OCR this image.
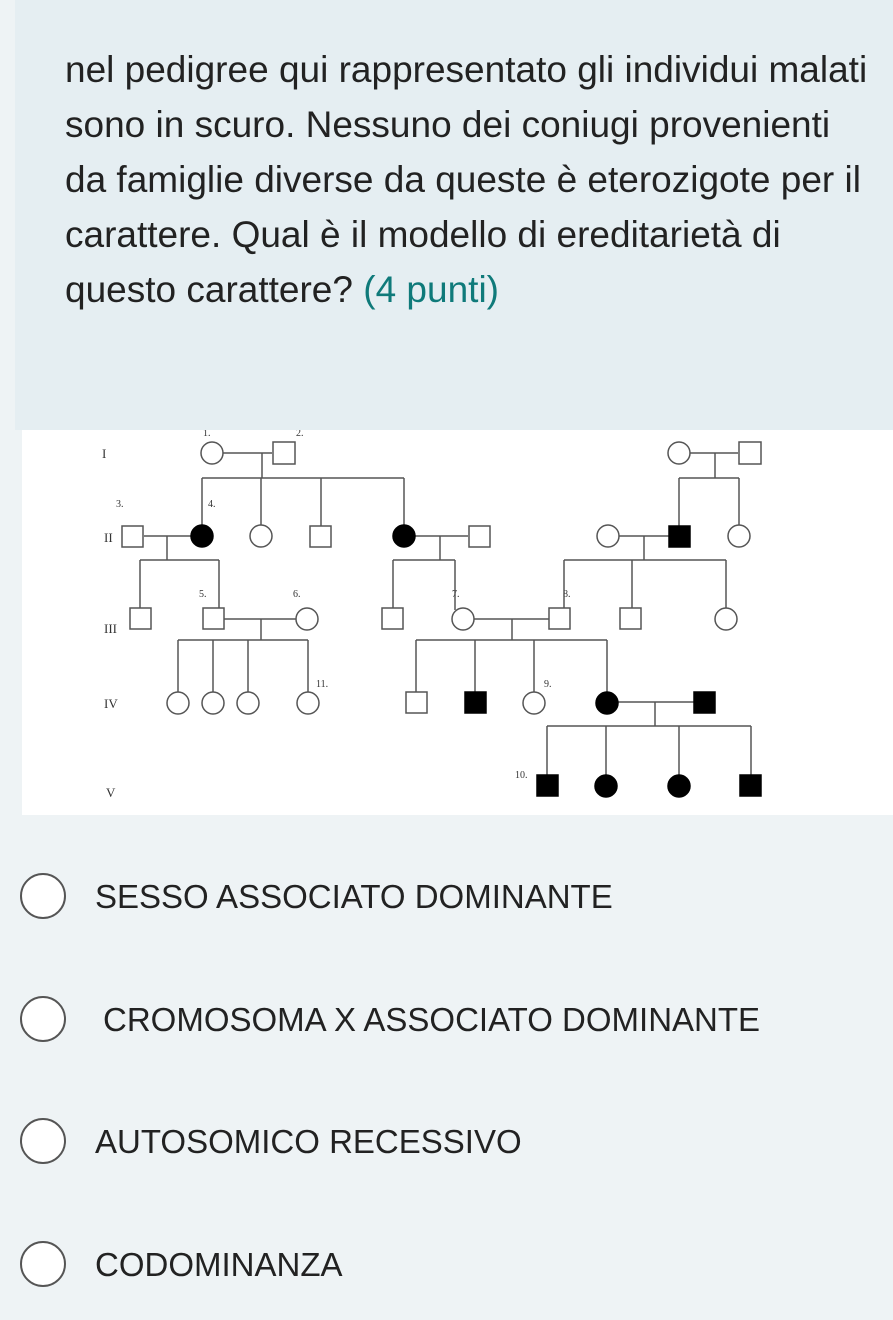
nel pedigree qui rappresentato gli individui malati sono in scuro. Nessuno dei coniugi provenienti da famiglie diverse da queste è eterozigote per il carattere. Qual è il modello di ereditarietà di questo carattere? (4 punti)

I
II
III
IV
V
1.	2.
3.	4.
5.	6.	7.	8.
9.
10.
11.
SESSO ASSOCIATO DOMINANTE
CROMOSOMA X ASSOCIATO DOMINANTE
AUTOSOMICO RECESSIVO
CODOMINANZA
